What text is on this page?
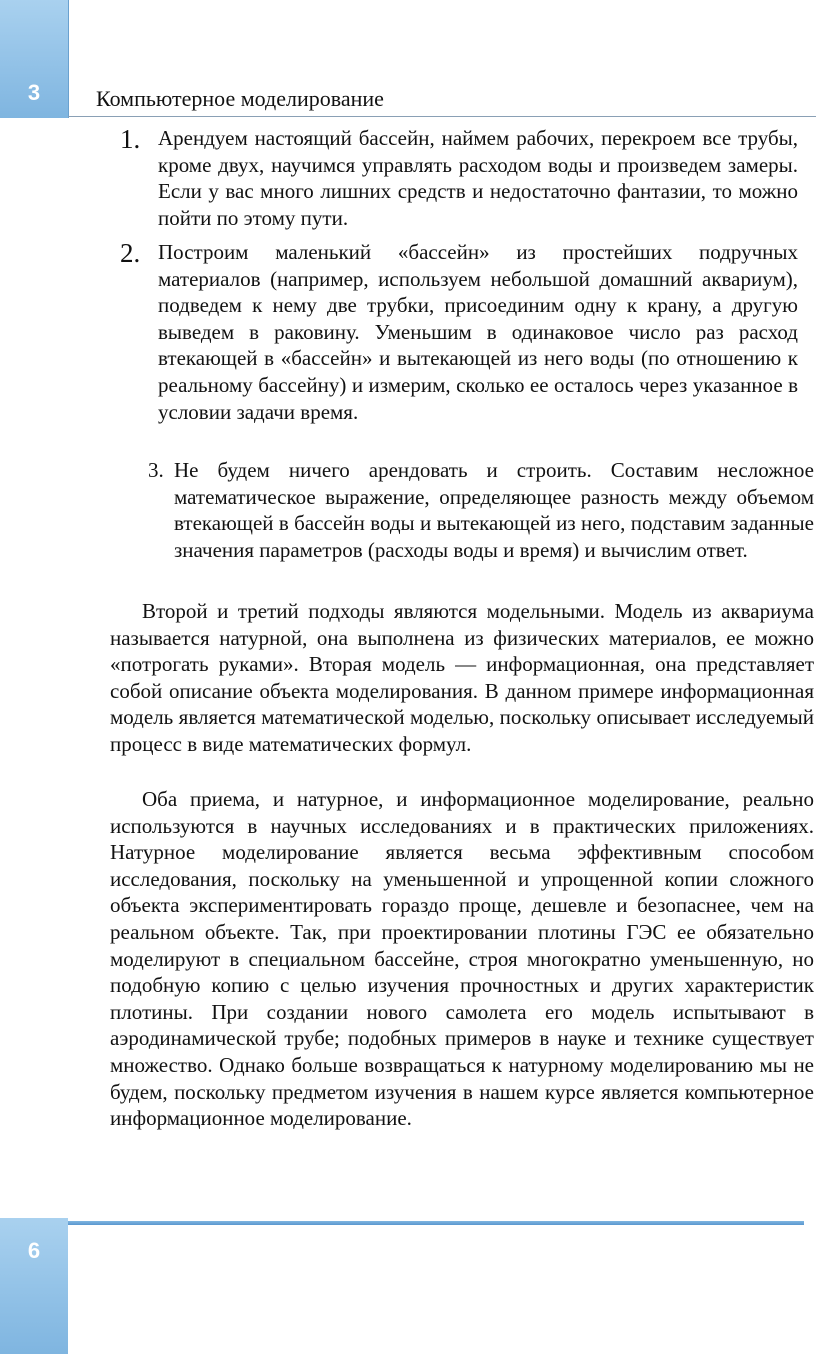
3	Компьютерное моделирование
1. Арендуем настоящий бассейн, наймем рабочих, перекроем все трубы, кроме двух, научимся управлять расходом воды и произведем замеры. Если у вас много лишних средств и недостаточно фантазии, то можно пойти по этому пути.
2. Построим маленький «бассейн» из простейших подручных материалов (например, используем небольшой домашний аквариум), подведем к нему две трубки, присоединим одну к крану, а другую выведем в раковину. Уменьшим в одинаковое число раз расход втекающей в «бассейн» и вытекающей из него воды (по отношению к реальному бассейну) и измерим, сколько ее осталось через указанное в условии задачи время.
3. Не будем ничего арендовать и строить. Составим несложное математическое выражение, определяющее разность между объемом втекающей в бассейн воды и вытекающей из него, подставим заданные значения параметров (расходы воды и время) и вычислим ответ.
Второй и третий подходы являются модельными. Модель из аквариума называется натурной, она выполнена из физических материалов, ее можно «потрогать руками». Вторая модель — информационная, она представляет собой описание объекта моделирования. В данном примере информационная модель является математической моделью, поскольку описывает исследуемый процесс в виде математических формул.
Оба приема, и натурное, и информационное моделирование, реально используются в научных исследованиях и в практических приложениях. Натурное моделирование является весьма эффективным способом исследования, поскольку на уменьшенной и упрощенной копии сложного объекта экспериментировать гораздо проще, дешевле и безопаснее, чем на реальном объекте. Так, при проектировании плотины ГЭС ее обязательно моделируют в специальном бассейне, строя многократно уменьшенную, но подобную копию с целью изучения прочностных и других характеристик плотины. При создании нового самолета его модель испытывают в аэродинамической трубе; подобных примеров в науке и технике существует множество. Однако больше возвращаться к натурному моделированию мы не будем, поскольку предметом изучения в нашем курсе является компьютерное информационное моделирование.
6
